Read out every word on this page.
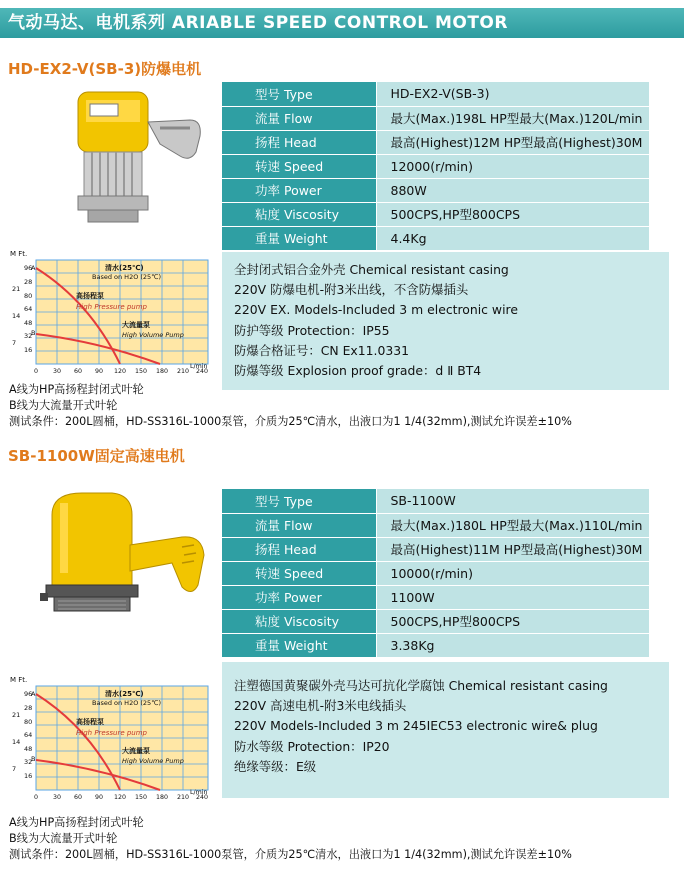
气动马达、电机系列 ARIABLE SPEED CONTROL MOTOR
HD-EX2-V(SB-3)防爆电机
型号 Type	HD-EX2-V(SB-3)
流量 Flow	最大(Max.)198L HP型最大(Max.)120L/min
扬程 Head	最高(Highest)12M HP型最高(Highest)30M
转速 Speed	12000(r/min)
功率 Power	880W
粘度 Viscosity	500CPS,HP型800CPS
重量 Weight	4.4Kg
全封闭式铝合金外壳 Chemical resistant casing
220V 防爆电机-附3米出线，不含防爆插头
220V EX. Models-Included 3 m electronic wire
防护等级 Protection：IP55
防爆合格证号：CN Ex11.0331
防爆等级 Explosion proof grade：d Ⅱ BT4
M Ft.
96
28
80
64
48
32
16
21
14
7
A
B
清水(25℃)
Based on H2O (25℃)
高扬程泵
High Pressure pump
大流量泵
High Volume Pump
0 30 60 90 120 150 180 210 240
L/min
A线为HP高扬程封闭式叶轮
B线为大流量开式叶轮
测试条件：200L圆桶，HD-SS316L-1000泵管，介质为25℃清水，出液口为1 1/4(32mm),测试允许误差±10%
SB-1100W固定高速电机
型号 Type	SB-1100W
流量 Flow	最大(Max.)180L HP型最大(Max.)110L/min
扬程 Head	最高(Highest)11M HP型最高(Highest)30M
转速 Speed	10000(r/min)
功率 Power	1100W
粘度 Viscosity	500CPS,HP型800CPS
重量 Weight	3.38Kg
注塑德国黄聚碳外壳马达可抗化学腐蚀 Chemical resistant casing
220V 高速电机-附3米电线插头
220V Models-Included 3 m 245IEC53 electronic wire& plug
防水等级 Protection：IP20
绝缘等级：E级
M Ft.
96
28
80
64
48
32
16
21
14
7
A
B
清水(25℃)
Based on H2O (25℃)
高扬程泵
High Pressure pump
大流量泵
High Volume Pump
0 30 60 90 120 150 180 210 240
L/min
A线为HP高扬程封闭式叶轮
B线为大流量开式叶轮
测试条件：200L圆桶，HD-SS316L-1000泵管，介质为25℃清水，出液口为1 1/4(32mm),测试允许误差±10%
